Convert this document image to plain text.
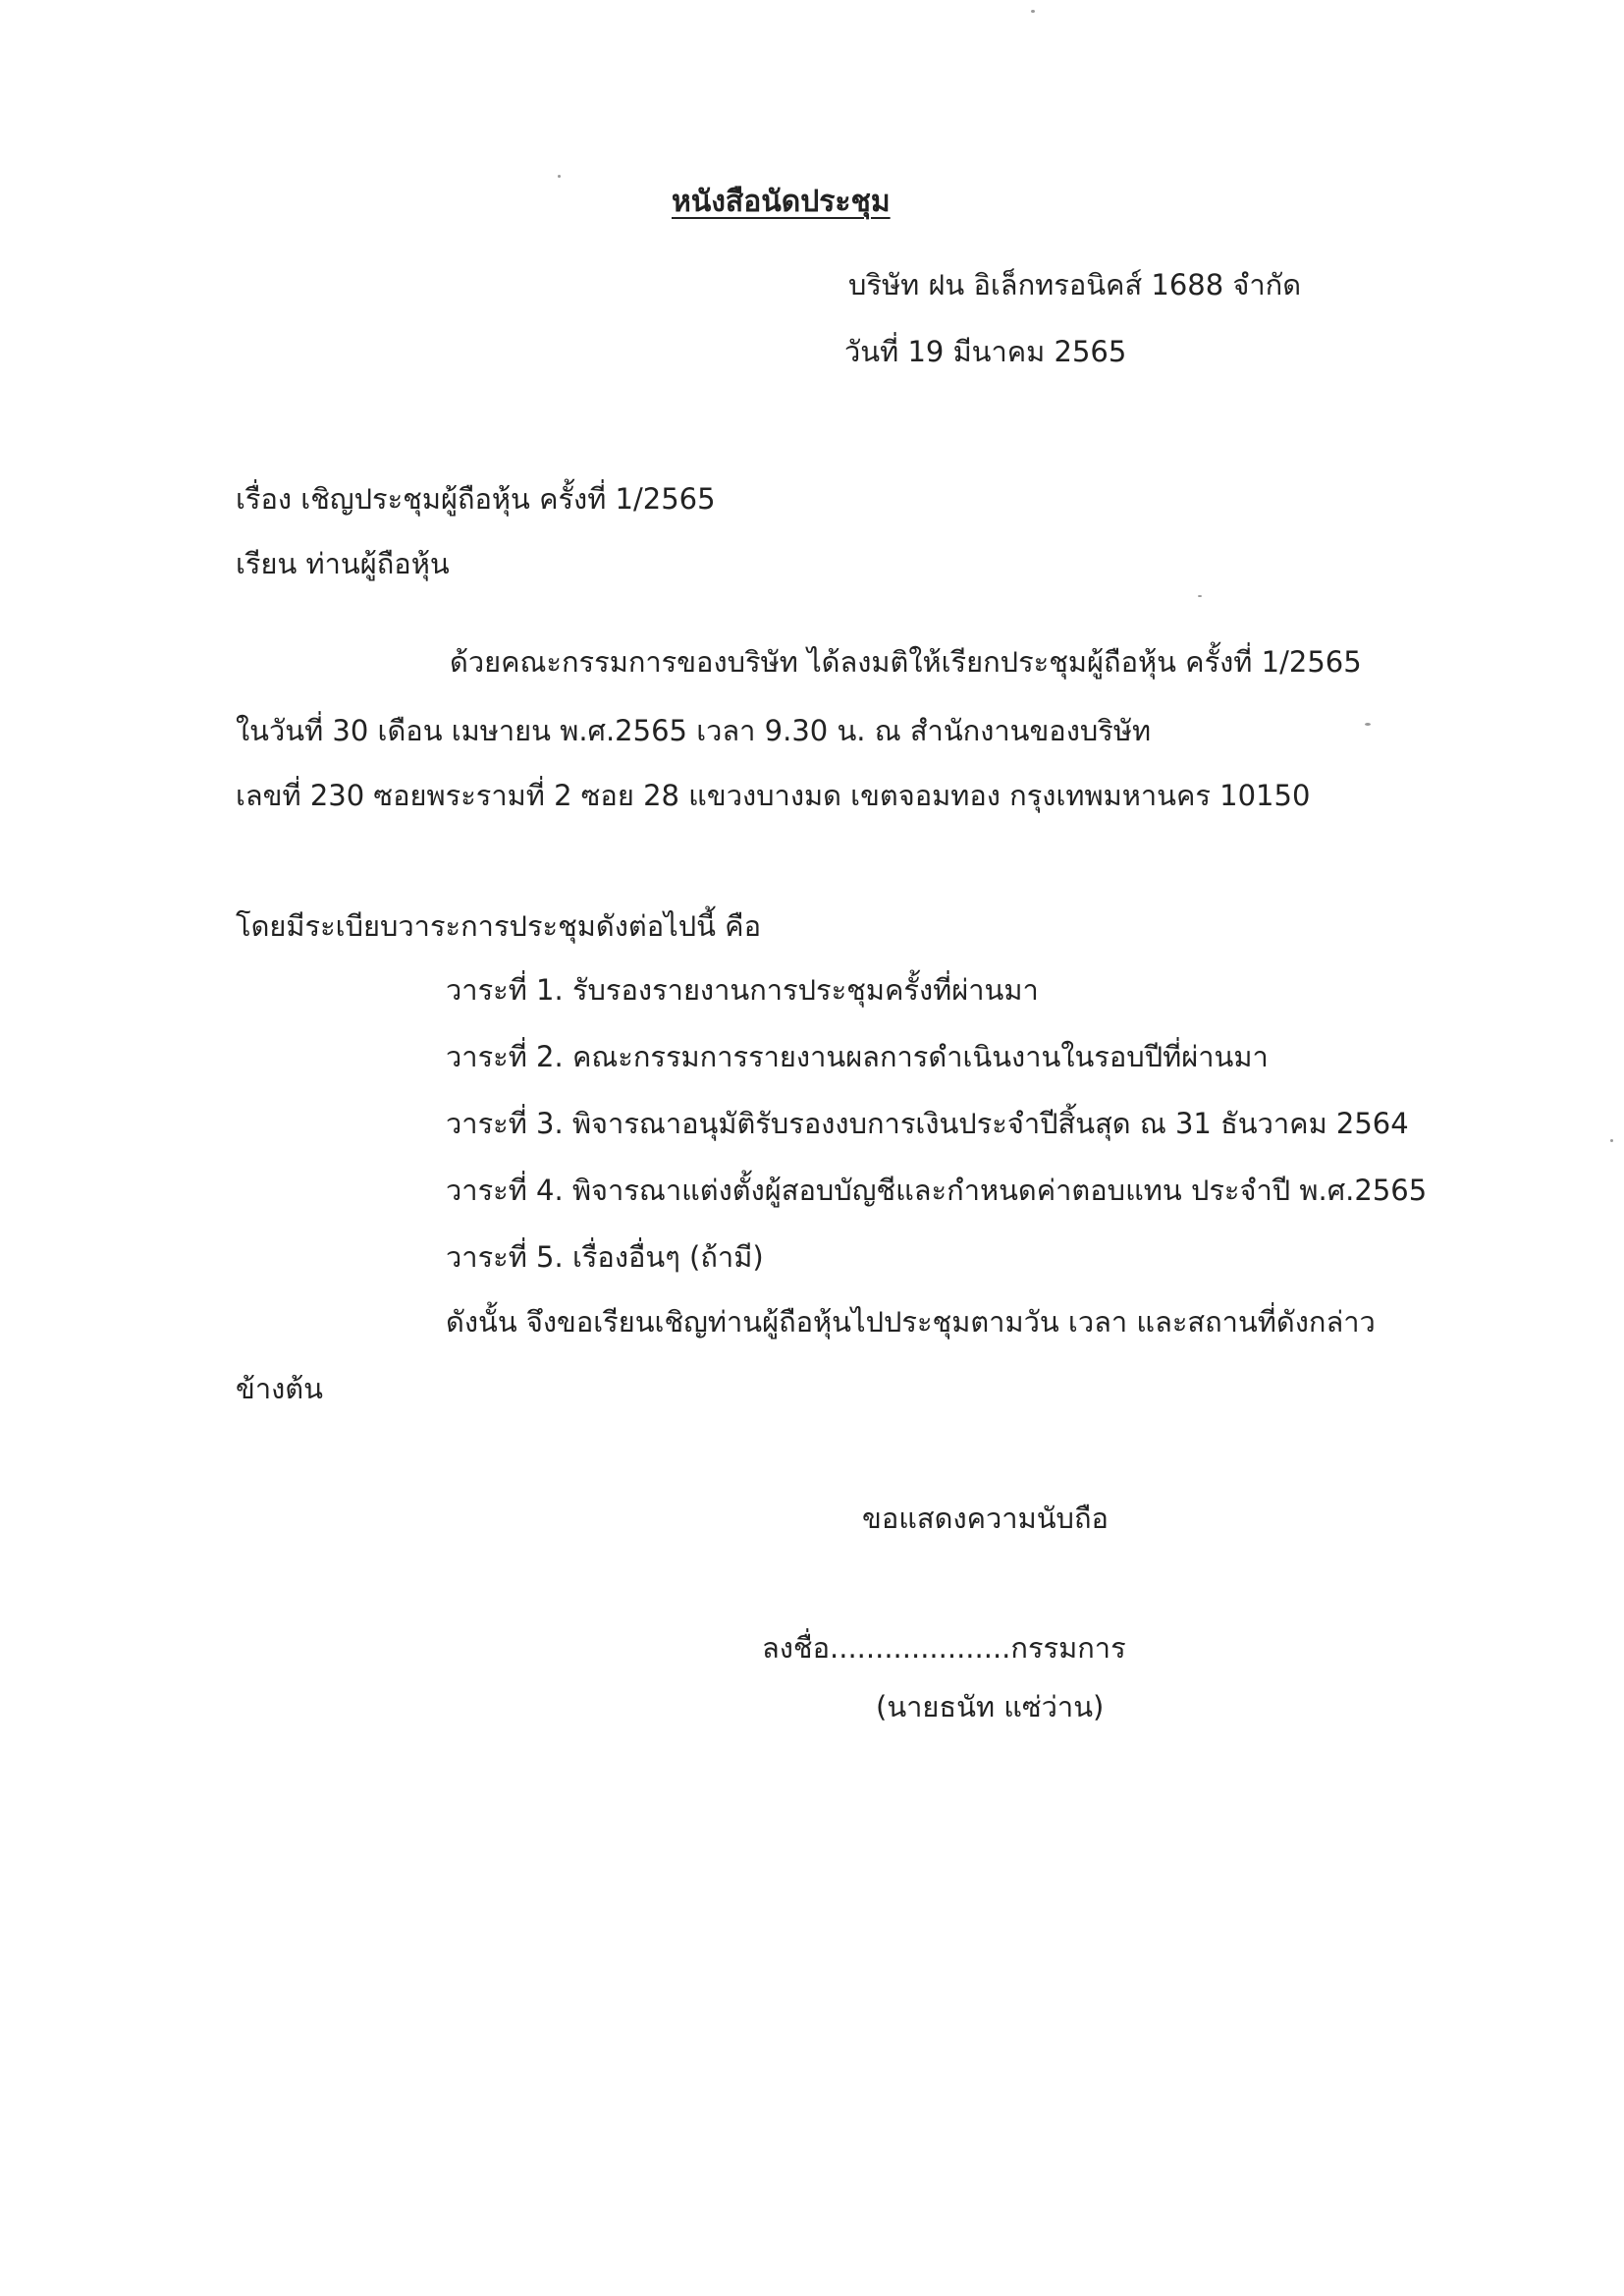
หนังสือนัดประชุม

บริษัท ฝน อิเล็กทรอนิคส์ 1688 จำกัด

วันที่ 19 มีนาคม 2565

เรื่อง เชิญประชุมผู้ถือหุ้น ครั้งที่ 1/2565

เรียน ท่านผู้ถือหุ้น

ด้วยคณะกรรมการของบริษัท ได้ลงมติให้เรียกประชุมผู้ถือหุ้น ครั้งที่ 1/2565

ในวันที่ 30 เดือน เมษายน พ.ศ.2565 เวลา 9.30 น. ณ สำนักงานของบริษัท

เลขที่ 230 ซอยพระรามที่ 2 ซอย 28 แขวงบางมด เขตจอมทอง กรุงเทพมหานคร 10150

โดยมีระเบียบวาระการประชุมดังต่อไปนี้ คือ

วาระที่ 1. รับรองรายงานการประชุมครั้งที่ผ่านมา

วาระที่ 2. คณะกรรมการรายงานผลการดำเนินงานในรอบปีที่ผ่านมา

วาระที่ 3. พิจารณาอนุมัติรับรองงบการเงินประจำปีสิ้นสุด ณ 31 ธันวาคม 2564

วาระที่ 4. พิจารณาแต่งตั้งผู้สอบบัญชีและกำหนดค่าตอบแทน ประจำปี พ.ศ.2565

วาระที่ 5. เรื่องอื่นๆ (ถ้ามี)

ดังนั้น จึงขอเรียนเชิญท่านผู้ถือหุ้นไปประชุมตามวัน เวลา และสถานที่ดังกล่าว

ข้างต้น

ขอแสดงความนับถือ

ลงชื่อ....................กรรมการ

(นายธนัท แซ่ว่าน)
